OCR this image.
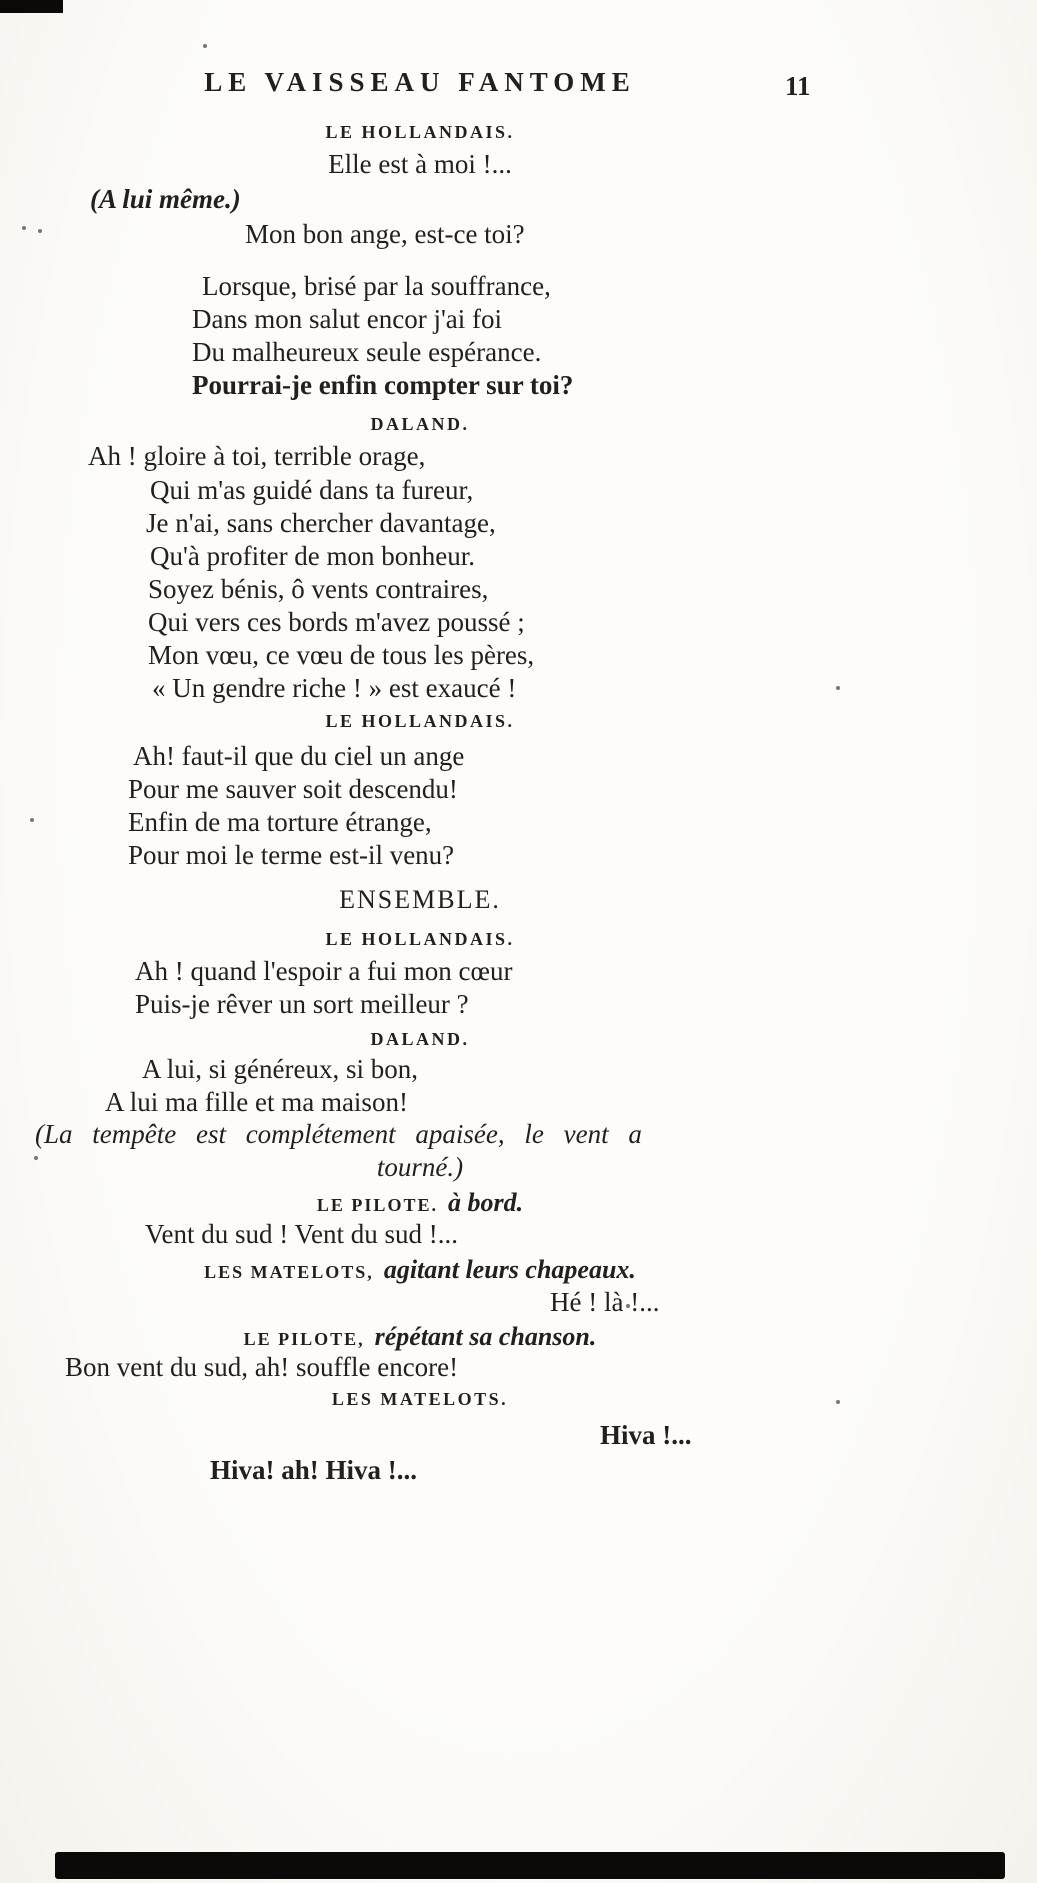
LE VAISSEAU FANTOME	11
LE HOLLANDAIS.
Elle est à moi !...
(A lui même.)
Mon bon ange, est-ce toi?
Lorsque, brisé par la souffrance,
Dans mon salut encor j'ai foi
Du malheureux seule espérance.
Pourrai-je enfin compter sur toi?
DALAND.
Ah ! gloire à toi, terrible orage,
Qui m'as guidé dans ta fureur,
Je n'ai, sans chercher davantage,
Qu'à profiter de mon bonheur.
Soyez bénis, ô vents contraires,
Qui vers ces bords m'avez poussé ;
Mon vœu, ce vœu de tous les pères,
« Un gendre riche ! » est exaucé !
LE HOLLANDAIS.
Ah! faut-il que du ciel un ange
Pour me sauver soit descendu!
Enfin de ma torture étrange,
Pour moi le terme est-il venu?
ENSEMBLE.
LE HOLLANDAIS.
Ah ! quand l'espoir a fui mon cœur
Puis-je rêver un sort meilleur ?
DALAND.
A lui, si généreux, si bon,
A lui ma fille et ma maison!
(La tempête est complétement apaisée, le vent a
tourné.)
LE PILOTE. à bord.
Vent du sud ! Vent du sud !...
LES MATELOTS, agitant leurs chapeaux.
Hé ! là !...
LE PILOTE, répétant sa chanson.
Bon vent du sud, ah! souffle encore!
LES MATELOTS.
Hiva !...
Hiva! ah! Hiva !...
